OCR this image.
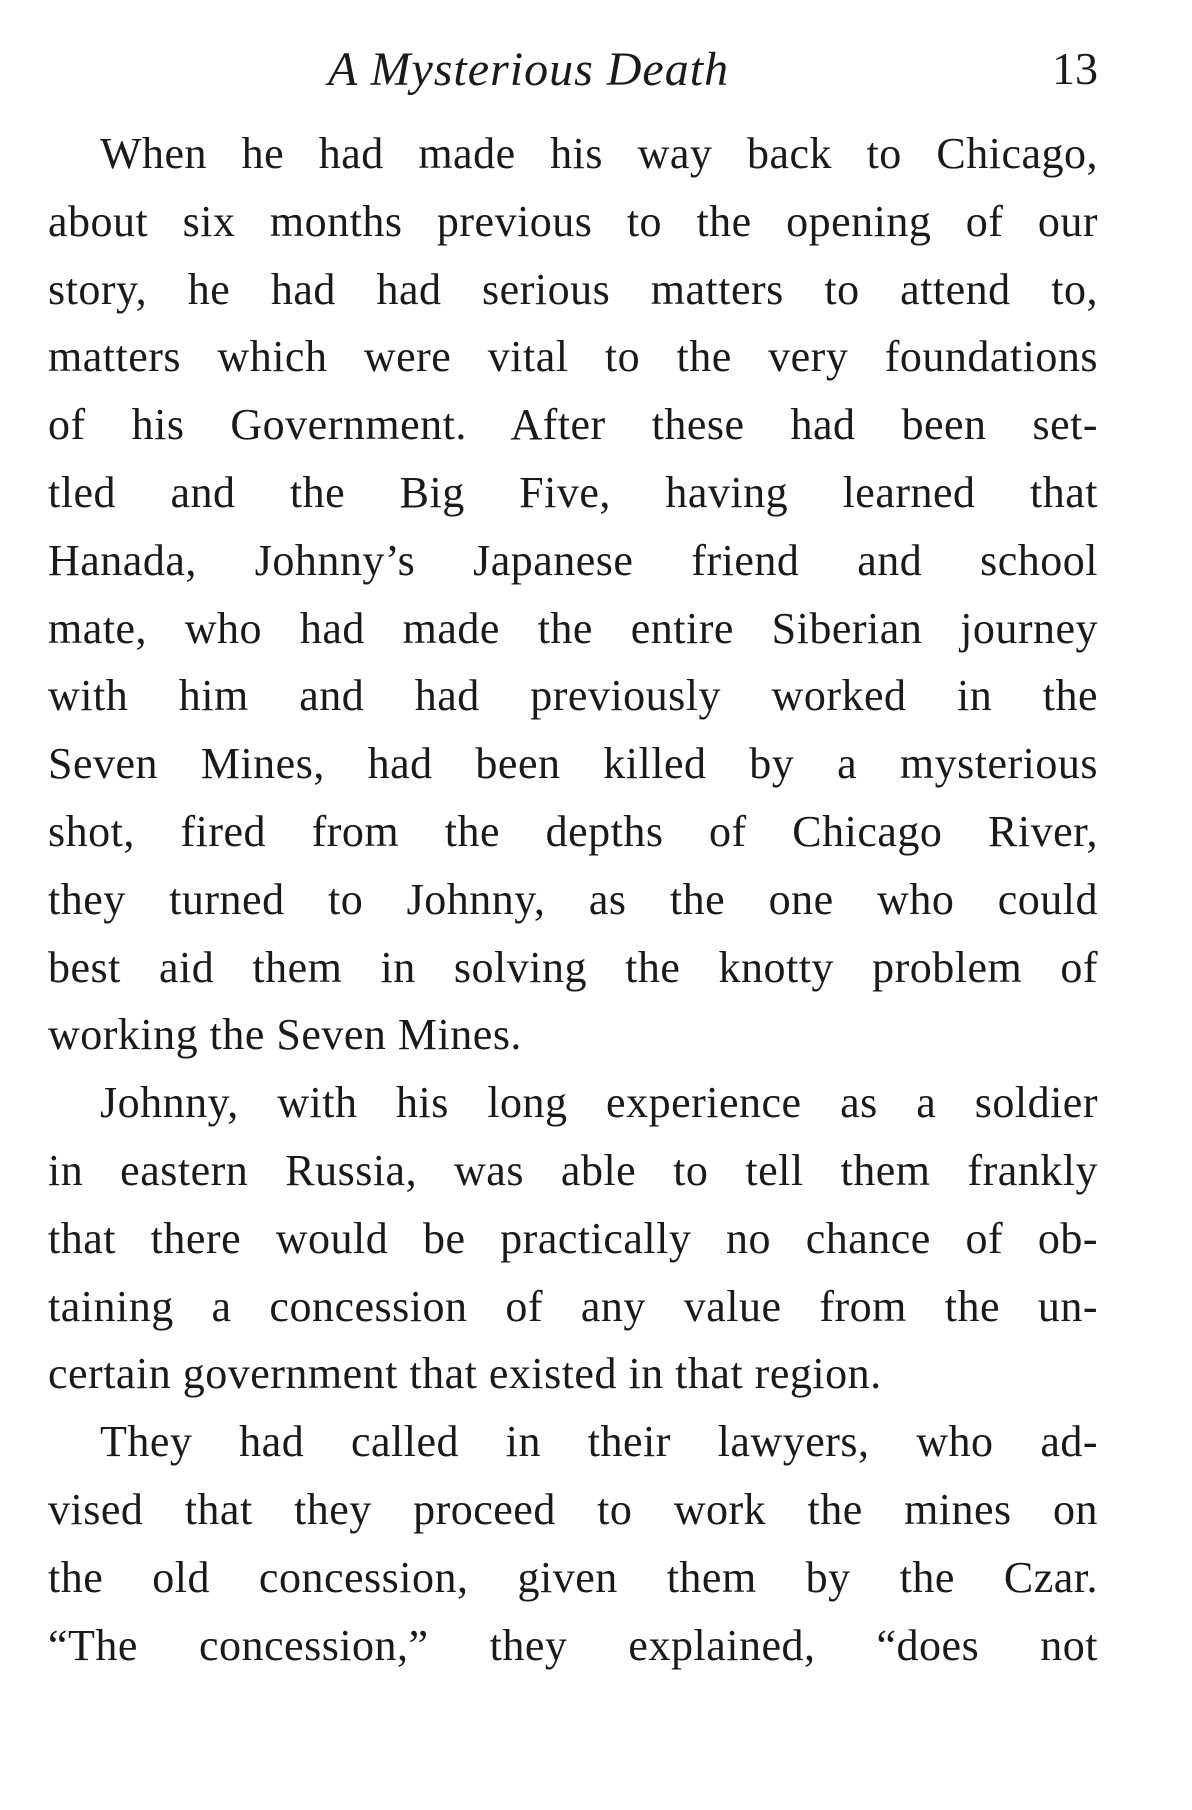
A Mysterious Death	13
When he had made his way back to Chicago,
about six months previous to the opening of our
story, he had had serious matters to attend to,
matters which were vital to the very foundations
of his Government. After these had been set-
tled and the Big Five, having learned that
Hanada, Johnny’s Japanese friend and school
mate, who had made the entire Siberian journey
with him and had previously worked in the
Seven Mines, had been killed by a mysterious
shot, fired from the depths of Chicago River,
they turned to Johnny, as the one who could
best aid them in solving the knotty problem of
working the Seven Mines.
Johnny, with his long experience as a soldier
in eastern Russia, was able to tell them frankly
that there would be practically no chance of ob-
taining a concession of any value from the un-
certain government that existed in that region.
They had called in their lawyers, who ad-
vised that they proceed to work the mines on
the old concession, given them by the Czar.
“The concession,” they explained, “does not
